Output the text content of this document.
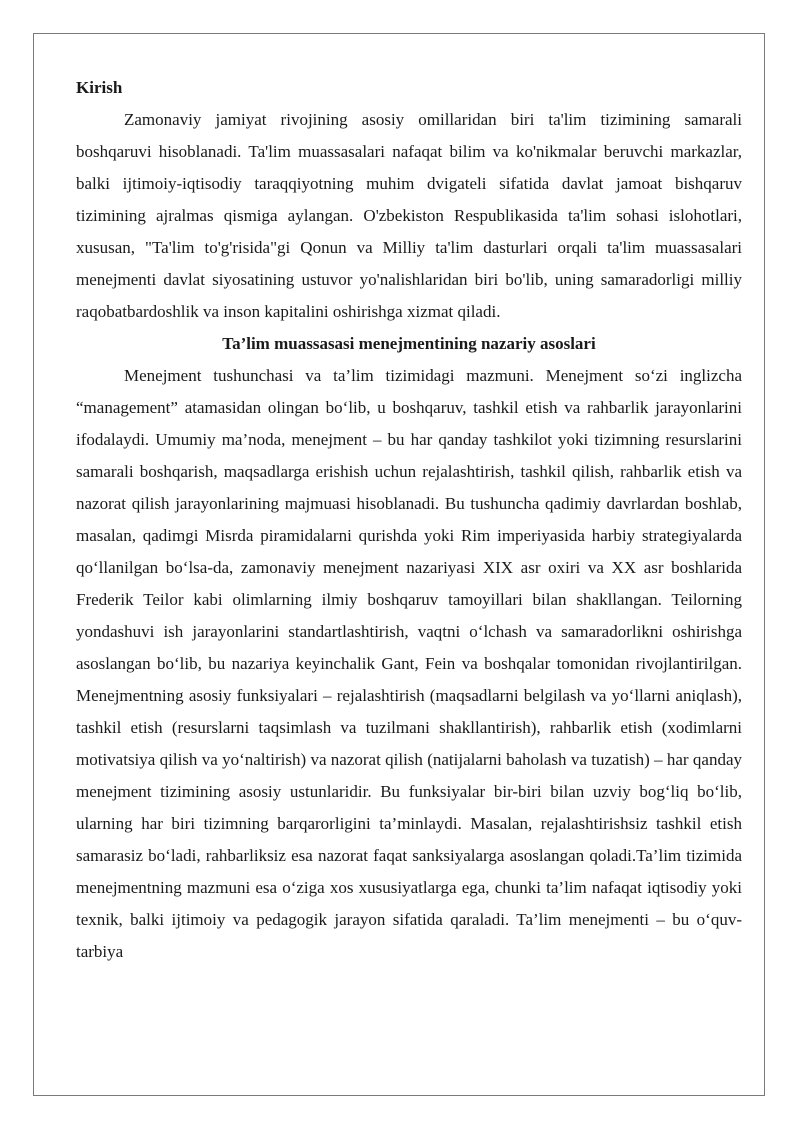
Kirish

Zamonaviy jamiyat rivojining asosiy omillaridan biri ta'lim tizimining samarali boshqaruvi hisoblanadi. Ta'lim muassasalari nafaqat bilim va ko'nikmalar beruvchi markazlar, balki ijtimoiy-iqtisodiy taraqqiyotning muhim dvigateli sifatida davlat jamoat bishqaruv tizimining ajralmas qismiga aylangan. O'zbekiston Respublikasida ta'lim sohasi islohotlari, xususan, "Ta'lim to'g'risida"gi Qonun va Milliy ta'lim dasturlari orqali ta'lim muassasalari menejmenti davlat siyosatining ustuvor yo'nalishlaridan biri bo'lib, uning samaradorligi milliy raqobatbardoshlik va inson kapitalini oshirishga xizmat qiladi.

Ta’lim muassasasi menejmentining nazariy asoslari

Menejment tushunchasi va ta’lim tizimidagi mazmuni. Menejment so‘zi inglizcha “management” atamasidan olingan bo‘lib, u boshqaruv, tashkil etish va rahbarlik jarayonlarini ifodalaydi. Umumiy ma’noda, menejment – bu har qanday tashkilot yoki tizimning resurslarini samarali boshqarish, maqsadlarga erishish uchun rejalashtirish, tashkil qilish, rahbarlik etish va nazorat qilish jarayonlarining majmuasi hisoblanadi. Bu tushuncha qadimiy davrlardan boshlab, masalan, qadimgi Misrda piramidalarni qurishda yoki Rim imperiyasida harbiy strategiyalarda qo‘llanilgan bo‘lsa-da, zamonaviy menejment nazariyasi XIX asr oxiri va XX asr boshlarida Frederik Teilor kabi olimlarning ilmiy boshqaruv tamoyillari bilan shakllangan. Teilorning yondashuvi ish jarayonlarini standartlashtirish, vaqtni o‘lchash va samaradorlikni oshirishga asoslangan bo‘lib, bu nazariya keyinchalik Gant, Fein va boshqalar tomonidan rivojlantirilgan. Menejmentning asosiy funksiyalari – rejalashtirish (maqsadlarni belgilash va yo‘llarni aniqlash), tashkil etish (resurslarni taqsimlash va tuzilmani shakllantirish), rahbarlik etish (xodimlarni motivatsiya qilish va yo‘naltirish) va nazorat qilish (natijalarni baholash va tuzatish) – har qanday menejment tizimining asosiy ustunlaridir. Bu funksiyalar bir-biri bilan uzviy bog‘liq bo‘lib, ularning har biri tizimning barqarorligini ta’minlaydi. Masalan, rejalashtirishsiz tashkil etish samarasiz bo‘ladi, rahbarliksiz esa nazorat faqat sanksiyalarga asoslangan qoladi.Ta’lim tizimida menejmentning mazmuni esa o‘ziga xos xususiyatlarga ega, chunki ta’lim nafaqat iqtisodiy yoki texnik, balki ijtimoiy va pedagogik jarayon sifatida qaraladi. Ta’lim menejmenti – bu o‘quv-tarbiya
